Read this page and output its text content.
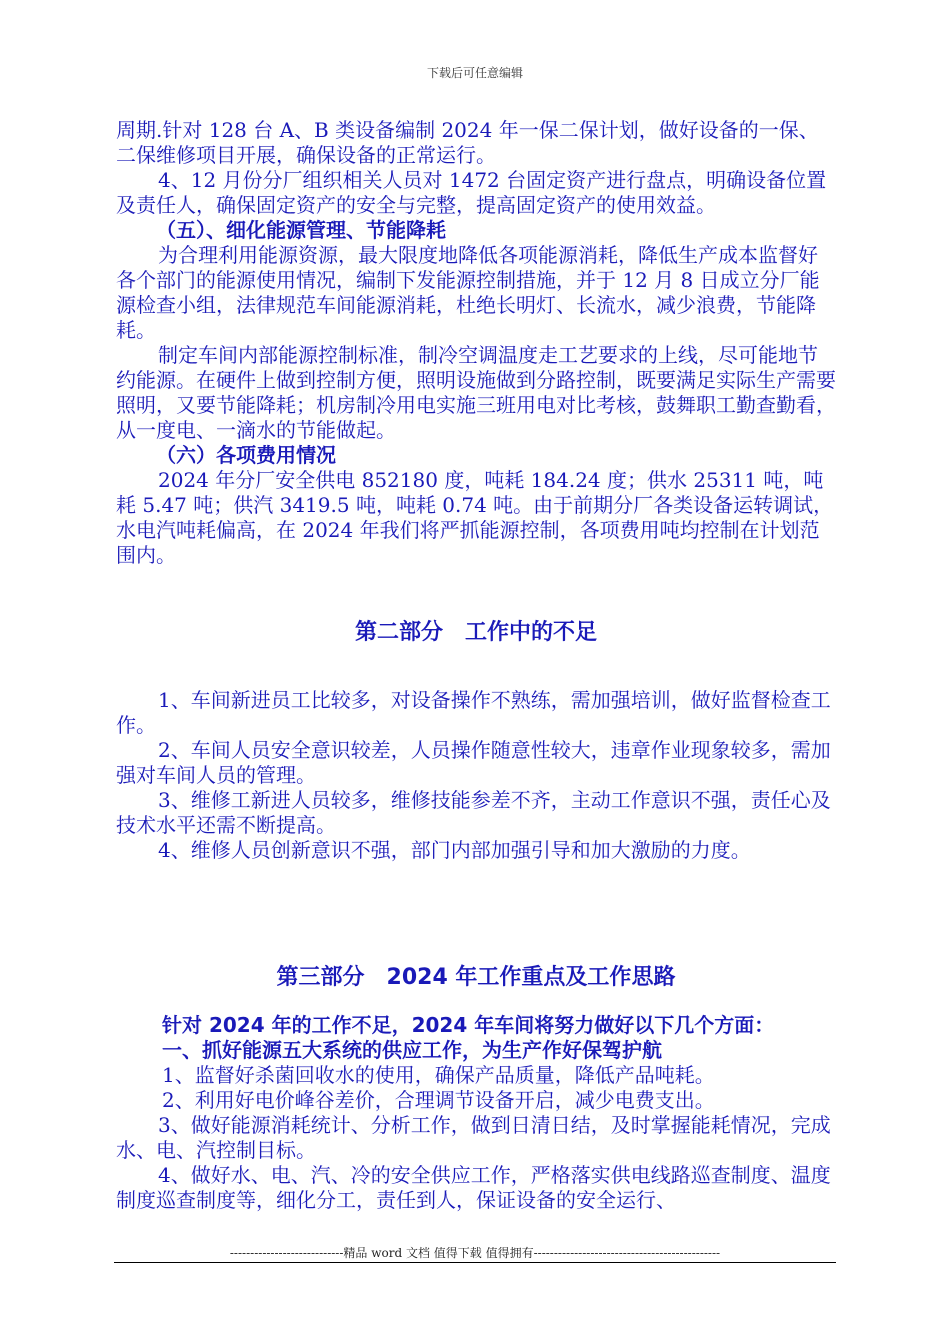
下载后可任意编辑

周期.针对 128 台 A、B 类设备编制 2024 年一保二保计划，做好设备的一保、二保维修项目开展，确保设备的正常运行。

4、12 月份分厂组织相关人员对 1472 台固定资产进行盘点，明确设备位置及责任人，确保固定资产的安全与完整，提高固定资产的使用效益。

（五）、细化能源管理、节能降耗

为合理利用能源资源，最大限度地降低各项能源消耗，降低生产成本监督好各个部门的能源使用情况，编制下发能源控制措施，并于 12 月 8 日成立分厂能源检查小组，法律规范车间能源消耗，杜绝长明灯、长流水，减少浪费，节能降耗。

制定车间内部能源控制标准，制冷空调温度走工艺要求的上线，尽可能地节约能源。在硬件上做到控制方便，照明设施做到分路控制，既要满足实际生产需要照明，又要节能降耗；机房制冷用电实施三班用电对比考核，鼓舞职工勤查勤看，从一度电、一滴水的节能做起。

（六）各项费用情况

2024 年分厂安全供电 852180 度，吨耗 184.24 度；供水 25311 吨，吨耗 5.47 吨；供汽 3419.5 吨，吨耗 0.74 吨。由于前期分厂各类设备运转调试，水电汽吨耗偏高，在 2024 年我们将严抓能源控制，各项费用吨均控制在计划范围内。

第二部分　工作中的不足

1、车间新进员工比较多，对设备操作不熟练，需加强培训，做好监督检查工作。

2、车间人员安全意识较差，人员操作随意性较大，违章作业现象较多，需加强对车间人员的管理。

3、维修工新进人员较多，维修技能参差不齐，主动工作意识不强，责任心及技术水平还需不断提高。

4、维修人员创新意识不强，部门内部加强引导和加大激励的力度。

第三部分　2024 年工作重点及工作思路

针对 2024 年的工作不足，2024 年车间将努力做好以下几个方面：

一、抓好能源五大系统的供应工作，为生产作好保驾护航

1、监督好杀菌回收水的使用，确保产品质量，降低产品吨耗。

2、利用好电价峰谷差价，合理调节设备开启，减少电费支出。

3、做好能源消耗统计、分析工作，做到日清日结，及时掌握能耗情况，完成水、电、汽控制目标。

4、做好水、电、汽、冷的安全供应工作，严格落实供电线路巡查制度、温度制度巡查制度等，细化分工，责任到人，保证设备的安全运行、

----------------------------精品 word 文档 值得下载 值得拥有----------------------------------------------
